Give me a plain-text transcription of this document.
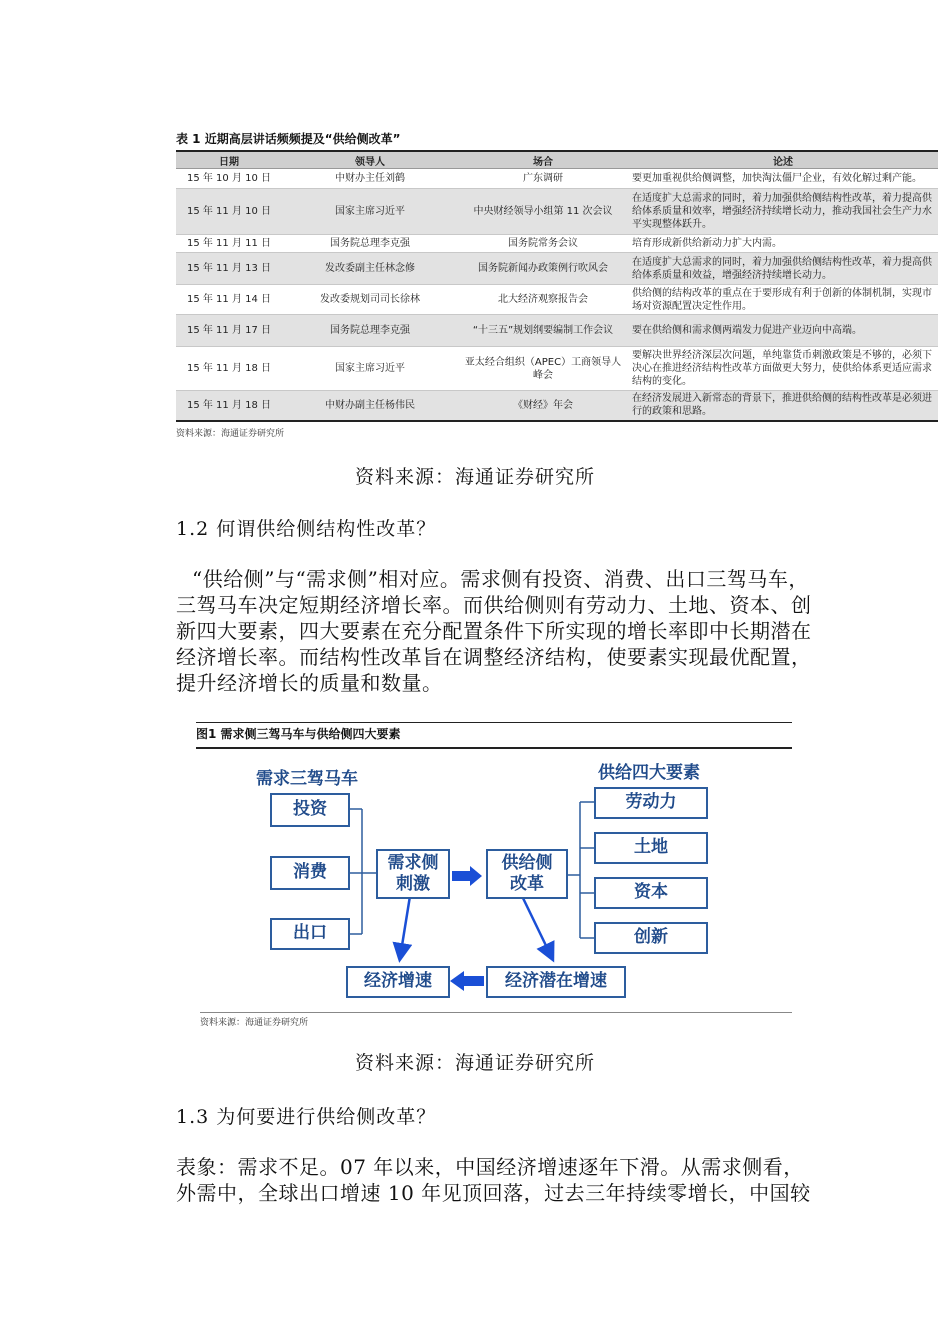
表 1 近期高层讲话频频提及“供给侧改革”
日期	领导人	场合	论述
15 年 10 月 10 日	中财办主任刘鹤	广东调研	要更加重视供给侧调整，加快淘汰僵尸企业，有效化解过剩产能。
15 年 11 月 10 日	国家主席习近平	中央财经领导小组第 11 次会议	在适度扩大总需求的同时，着力加强供给侧结构性改革，着力提高供给体系质量和效率，增强经济持续增长动力，推动我国社会生产力水平实现整体跃升。
15 年 11 月 11 日	国务院总理李克强	国务院常务会议	培育形成新供给新动力扩大内需。
15 年 11 月 13 日	发改委副主任林念修	国务院新闻办政策例行吹风会	在适度扩大总需求的同时，着力加强供给侧结构性改革，着力提高供给体系质量和效益，增强经济持续增长动力。
15 年 11 月 14 日	发改委规划司司长徐林	北大经济观察报告会	供给侧的结构改革的重点在于要形成有利于创新的体制机制，实现市场对资源配置决定性作用。
15 年 11 月 17 日	国务院总理李克强	“十三五”规划纲要编制工作会议	要在供给侧和需求侧两端发力促进产业迈向中高端。
15 年 11 月 18 日	国家主席习近平	亚太经合组织（APEC）工商领导人峰会	要解决世界经济深层次问题，单纯靠货币刺激政策是不够的，必须下决心在推进经济结构性改革方面做更大努力，使供给体系更适应需求结构的变化。
15 年 11 月 18 日	中财办副主任杨伟民	《财经》年会	在经济发展进入新常态的背景下，推进供给侧的结构性改革是必须进行的政策和思路。
资料来源：海通证券研究所
资料来源：海通证券研究所
1.2 何谓供给侧结构性改革？
“供给侧”与“需求侧”相对应。需求侧有投资、消费、出口三驾马车，三驾马车决定短期经济增长率。而供给侧则有劳动力、土地、资本、创新四大要素，四大要素在充分配置条件下所实现的增长率即中长期潜在经济增长率。而结构性改革旨在调整经济结构，使要素实现最优配置，提升经济增长的质量和数量。
图1 需求侧三驾马车与供给侧四大要素
需求三驾马车	供给四大要素
投资
消费
出口
需求侧刺激
供给侧改革
劳动力
土地
资本
创新
经济增速	经济潜在增速
资料来源：海通证券研究所
资料来源：海通证券研究所
1.3 为何要进行供给侧改革？
表象：需求不足。07 年以来，中国经济增速逐年下滑。从需求侧看，外需中，全球出口增速 10 年见顶回落，过去三年持续零增长，中国较
